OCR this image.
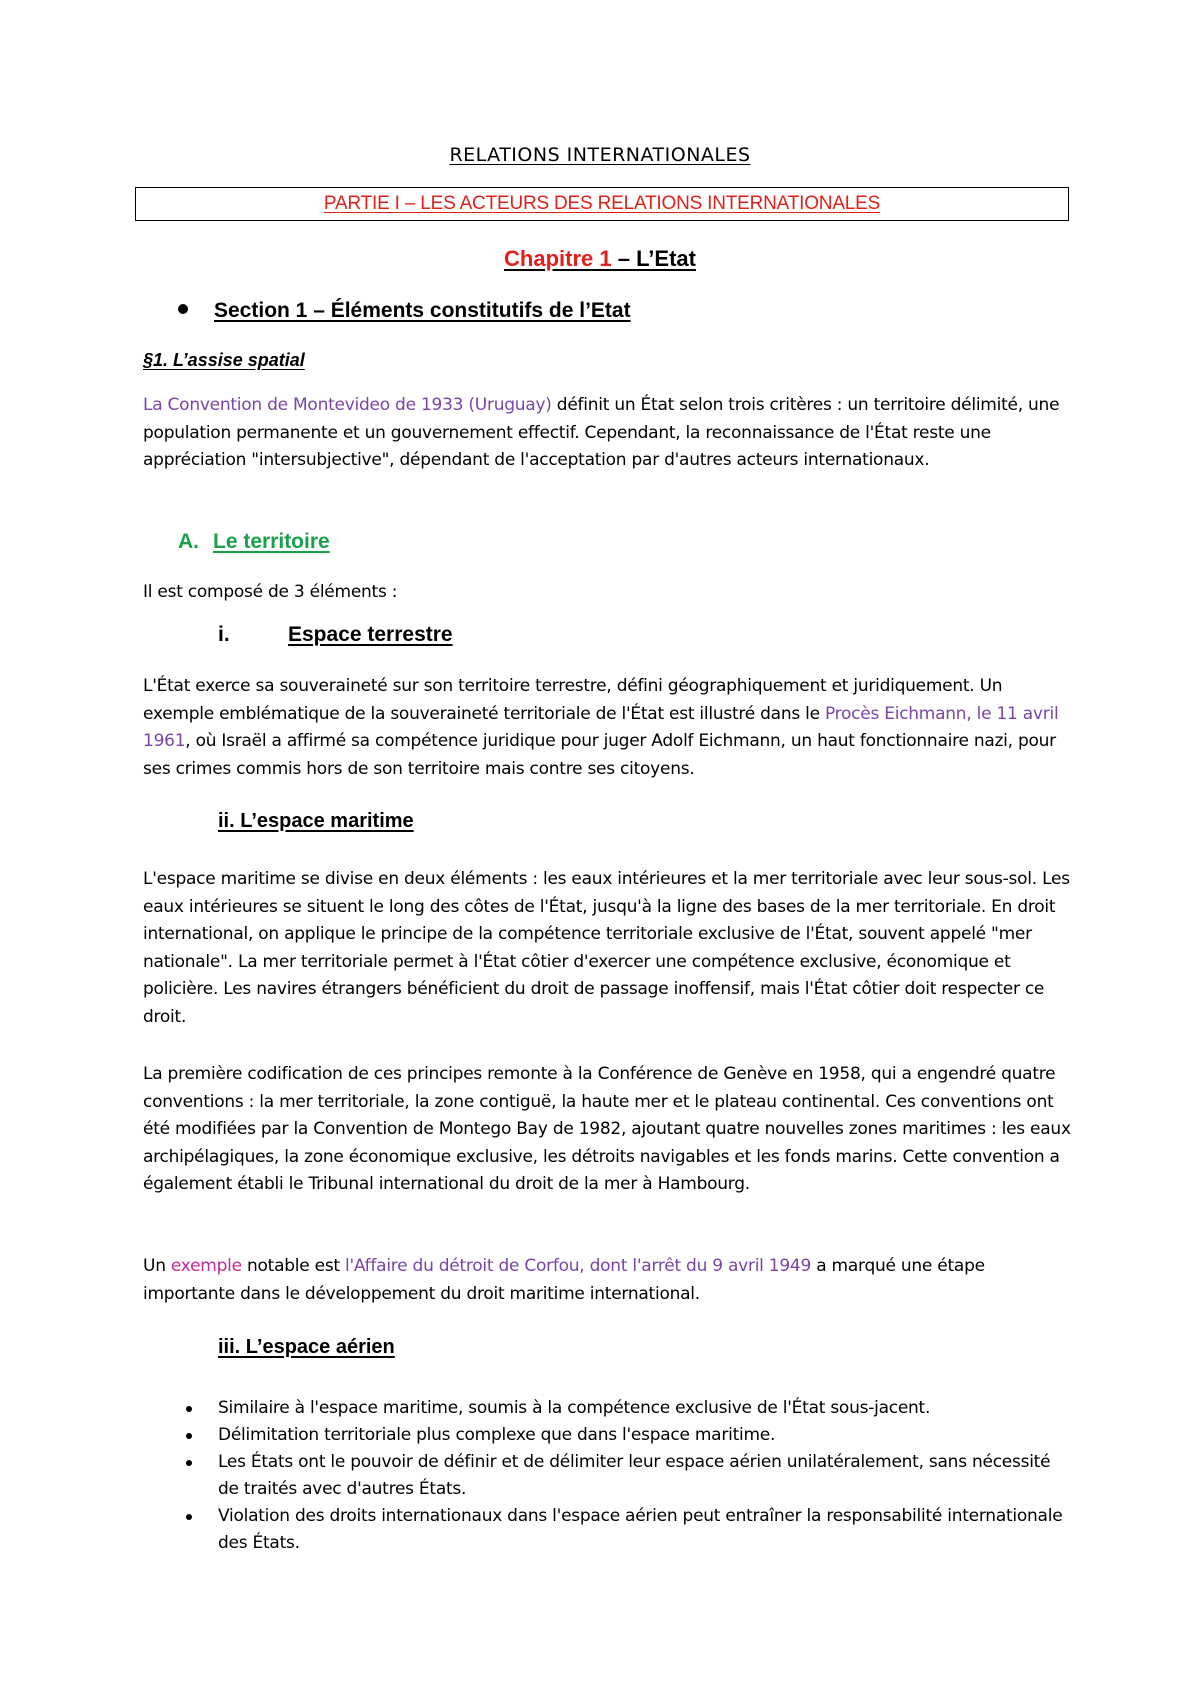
RELATIONS INTERNATIONALES
PARTIE I – LES ACTEURS DES RELATIONS INTERNATIONALES
Chapitre 1 – L’Etat
Section 1 – Éléments constitutifs de l’Etat
§1. L’assise spatial
La Convention de Montevideo de 1933 (Uruguay) définit un État selon trois critères : un territoire délimité, une population permanente et un gouvernement effectif. Cependant, la reconnaissance de l'État reste une appréciation "intersubjective", dépendant de l'acceptation par d'autres acteurs internationaux.
A. Le territoire
Il est composé de 3 éléments :
i.	Espace terrestre
L'État exerce sa souveraineté sur son territoire terrestre, défini géographiquement et juridiquement. Un exemple emblématique de la souveraineté territoriale de l'État est illustré dans le Procès Eichmann, le 11 avril 1961, où Israël a affirmé sa compétence juridique pour juger Adolf Eichmann, un haut fonctionnaire nazi, pour ses crimes commis hors de son territoire mais contre ses citoyens.
ii. L’espace maritime
L'espace maritime se divise en deux éléments : les eaux intérieures et la mer territoriale avec leur sous-sol. Les eaux intérieures se situent le long des côtes de l'État, jusqu'à la ligne des bases de la mer territoriale. En droit international, on applique le principe de la compétence territoriale exclusive de l'État, souvent appelé "mer nationale". La mer territoriale permet à l'État côtier d'exercer une compétence exclusive, économique et policière. Les navires étrangers bénéficient du droit de passage inoffensif, mais l'État côtier doit respecter ce droit.
La première codification de ces principes remonte à la Conférence de Genève en 1958, qui a engendré quatre conventions : la mer territoriale, la zone contiguë, la haute mer et le plateau continental. Ces conventions ont été modifiées par la Convention de Montego Bay de 1982, ajoutant quatre nouvelles zones maritimes : les eaux archipélagiques, la zone économique exclusive, les détroits navigables et les fonds marins. Cette convention a également établi le Tribunal international du droit de la mer à Hambourg.
Un exemple notable est l'Affaire du détroit de Corfou, dont l'arrêt du 9 avril 1949 a marqué une étape importante dans le développement du droit maritime international.
iii. L’espace aérien
Similaire à l'espace maritime, soumis à la compétence exclusive de l'État sous-jacent.
Délimitation territoriale plus complexe que dans l'espace maritime.
Les États ont le pouvoir de définir et de délimiter leur espace aérien unilatéralement, sans nécessité de traités avec d'autres États.
Violation des droits internationaux dans l'espace aérien peut entraîner la responsabilité internationale des États.
